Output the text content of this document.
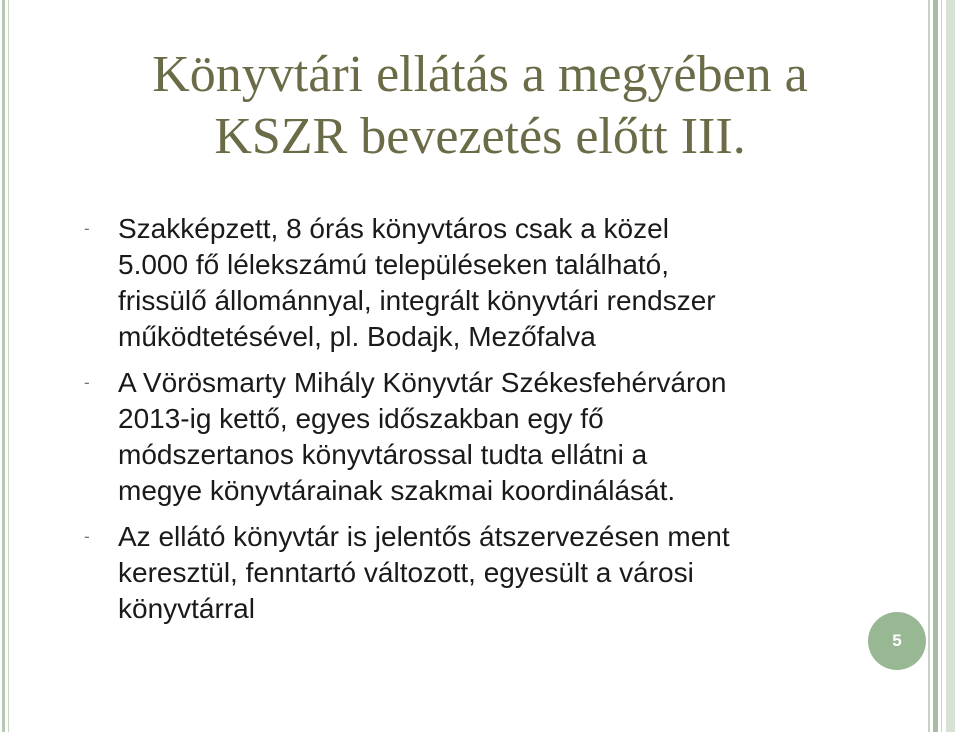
Könyvtári ellátás a megyében a
KSZR bevezetés előtt III.
- Szakképzett, 8 órás könyvtáros csak a közel
5.000 fő lélekszámú településeken található,
frissülő állománnyal, integrált könyvtári rendszer
működtetésével, pl. Bodajk, Mezőfalva
- A Vörösmarty Mihály Könyvtár Székesfehérváron
2013-ig kettő, egyes időszakban egy fő
módszertanos könyvtárossal tudta ellátni a
megye könyvtárainak szakmai koordinálását.
- Az ellátó könyvtár is jelentős átszervezésen ment
keresztül, fenntartó változott, egyesült a városi
könyvtárral
5
